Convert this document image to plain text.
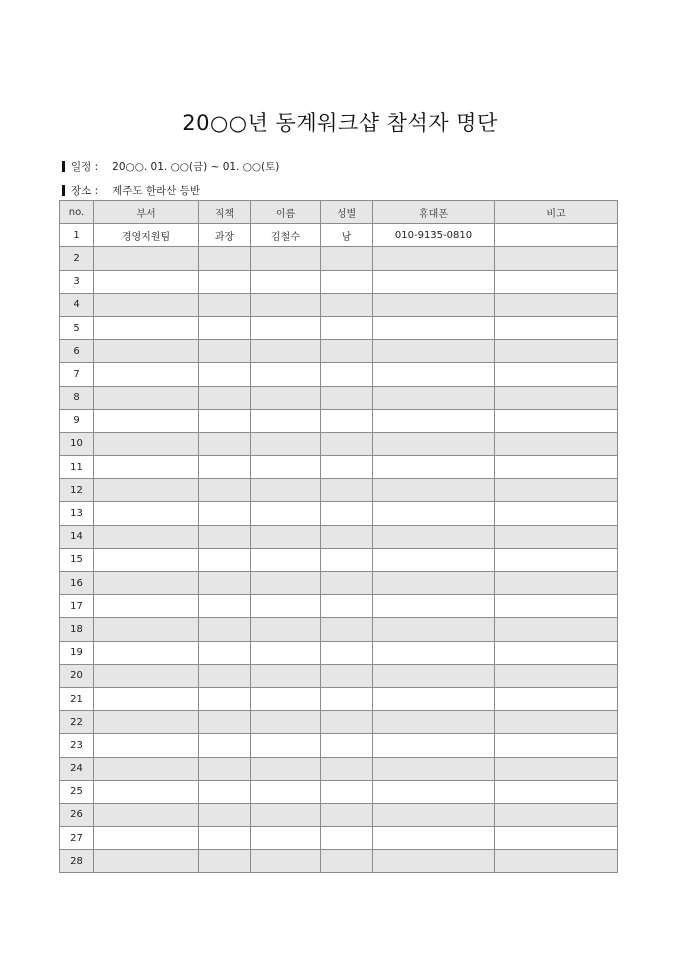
20○○년 동계워크샵 참석자 명단
일정 : 20○○. 01. ○○(금) ~ 01. ○○(토)
장소 : 제주도 한라산 등반
no.	부서	직책	이름	성별	휴대폰	비고
1	경영지원팀	과장	김철수	남	010-9135-0810	
2						
3						
4						
5						
6						
7						
8						
9						
10						
11						
12						
13						
14						
15						
16						
17						
18						
19						
20						
21						
22						
23						
24						
25						
26						
27						
28						
